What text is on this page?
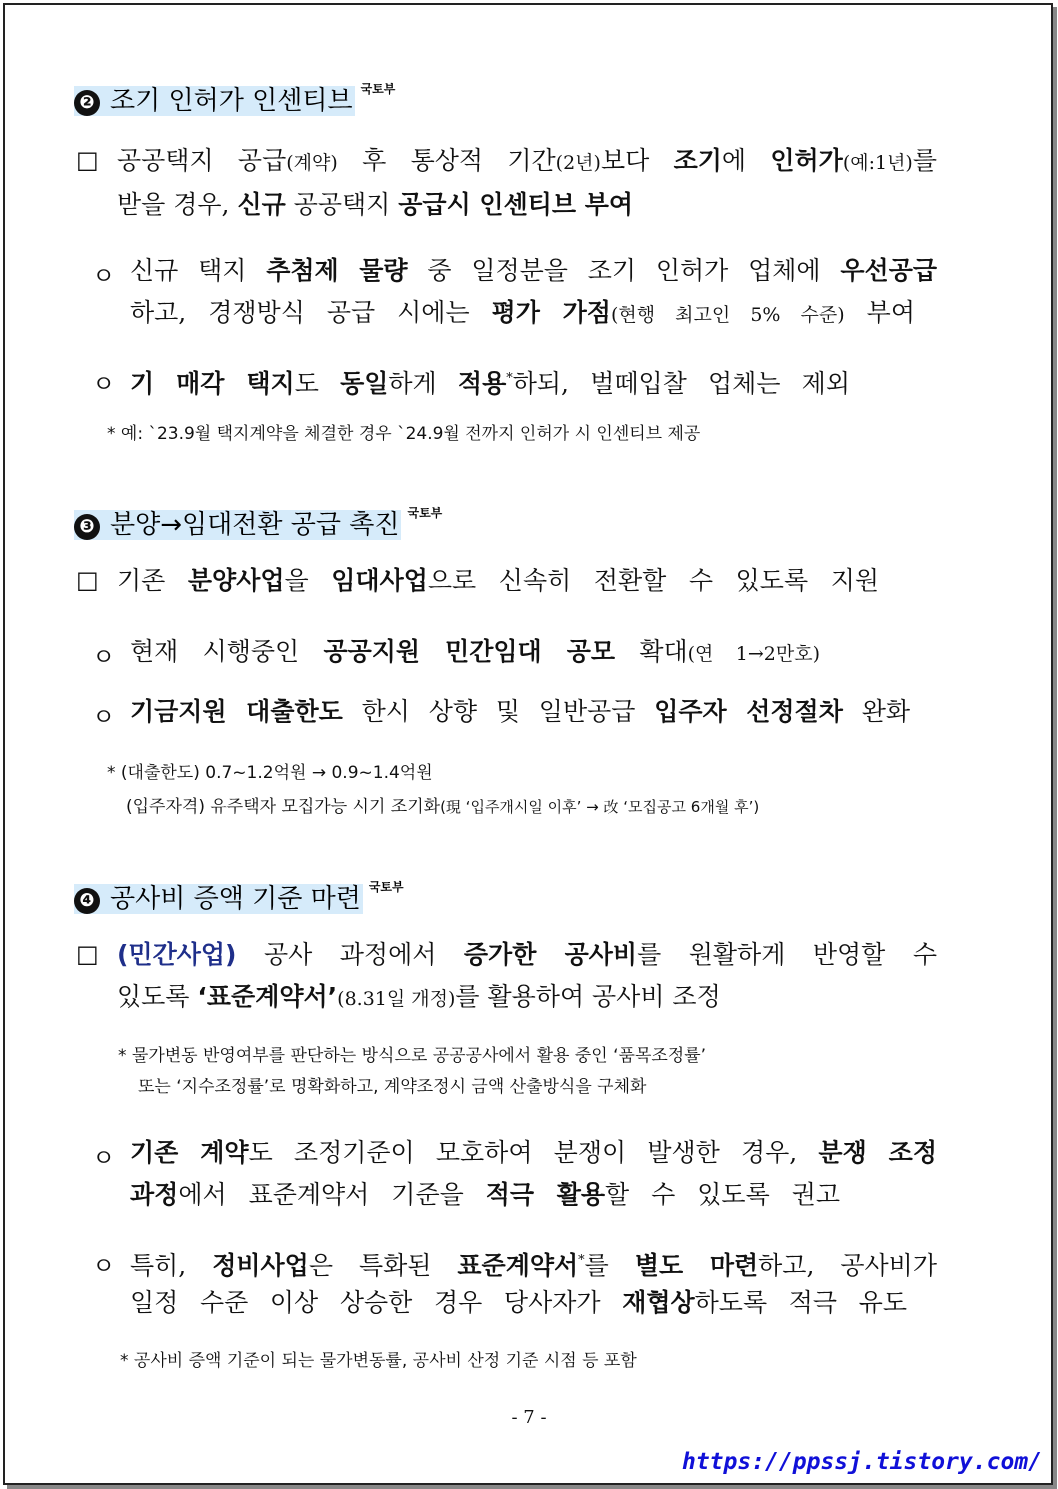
❷ 조기 인허가 인센티브 $^{국토부}$
□ 공공택지 공급(계약) 후 통상적 기간(2년)보다 조기에 인허가(예:1년)를
받을 경우, 신규 공공택지 공급시 인센티브 부여
ㅇ 신규 택지 추첨제 물량 중 일정분을 조기 인허가 업체에 우선공급
하고, 경쟁방식 공급 시에는 평가 가점(현행 최고인 5% 수준) 부여
ㅇ 기 매각 택지도 동일하게 적용*하되, 벌떼입찰 업체는 제외
* 예: `23.9월 택지계약을 체결한 경우 `24.9월 전까지 인허가 시 인센티브 제공
❸ 분양→임대전환 공급 촉진 $^{국토부}$
□ 기존 분양사업을 임대사업으로 신속히 전환할 수 있도록 지원
ㅇ 현재 시행중인 공공지원 민간임대 공모 확대(연 1→2만호)
ㅇ 기금지원 대출한도 한시 상향 및 일반공급 입주자 선정절차 완화
* (대출한도) 0.7~1.2억원 → 0.9~1.4억원
(입주자격) 유주택자 모집가능 시기 조기화(現 ‘입주개시일 이후’ → 改 ‘모집공고 6개월 후’)
❹ 공사비 증액 기준 마련 $^{국토부}$
□ (민간사업) 공사 과정에서 증가한 공사비를 원활하게 반영할 수
있도록 ‘표준계약서’(8.31일 개정)를 활용하여 공사비 조정
* 물가변동 반영여부를 판단하는 방식으로 공공공사에서 활용 중인 ‘품목조정률’
또는 ‘지수조정률’로 명확화하고, 계약조정시 금액 산출방식을 구체화
ㅇ 기존 계약도 조정기준이 모호하여 분쟁이 발생한 경우, 분쟁 조정
과정에서 표준계약서 기준을 적극 활용할 수 있도록 권고
ㅇ 특히, 정비사업은 특화된 표준계약서*를 별도 마련하고, 공사비가
일정 수준 이상 상승한 경우 당사자가 재협상하도록 적극 유도
* 공사비 증액 기준이 되는 물가변동률, 공사비 산정 기준 시점 등 포함
- 7 -
https://ppssj.tistory.com/
